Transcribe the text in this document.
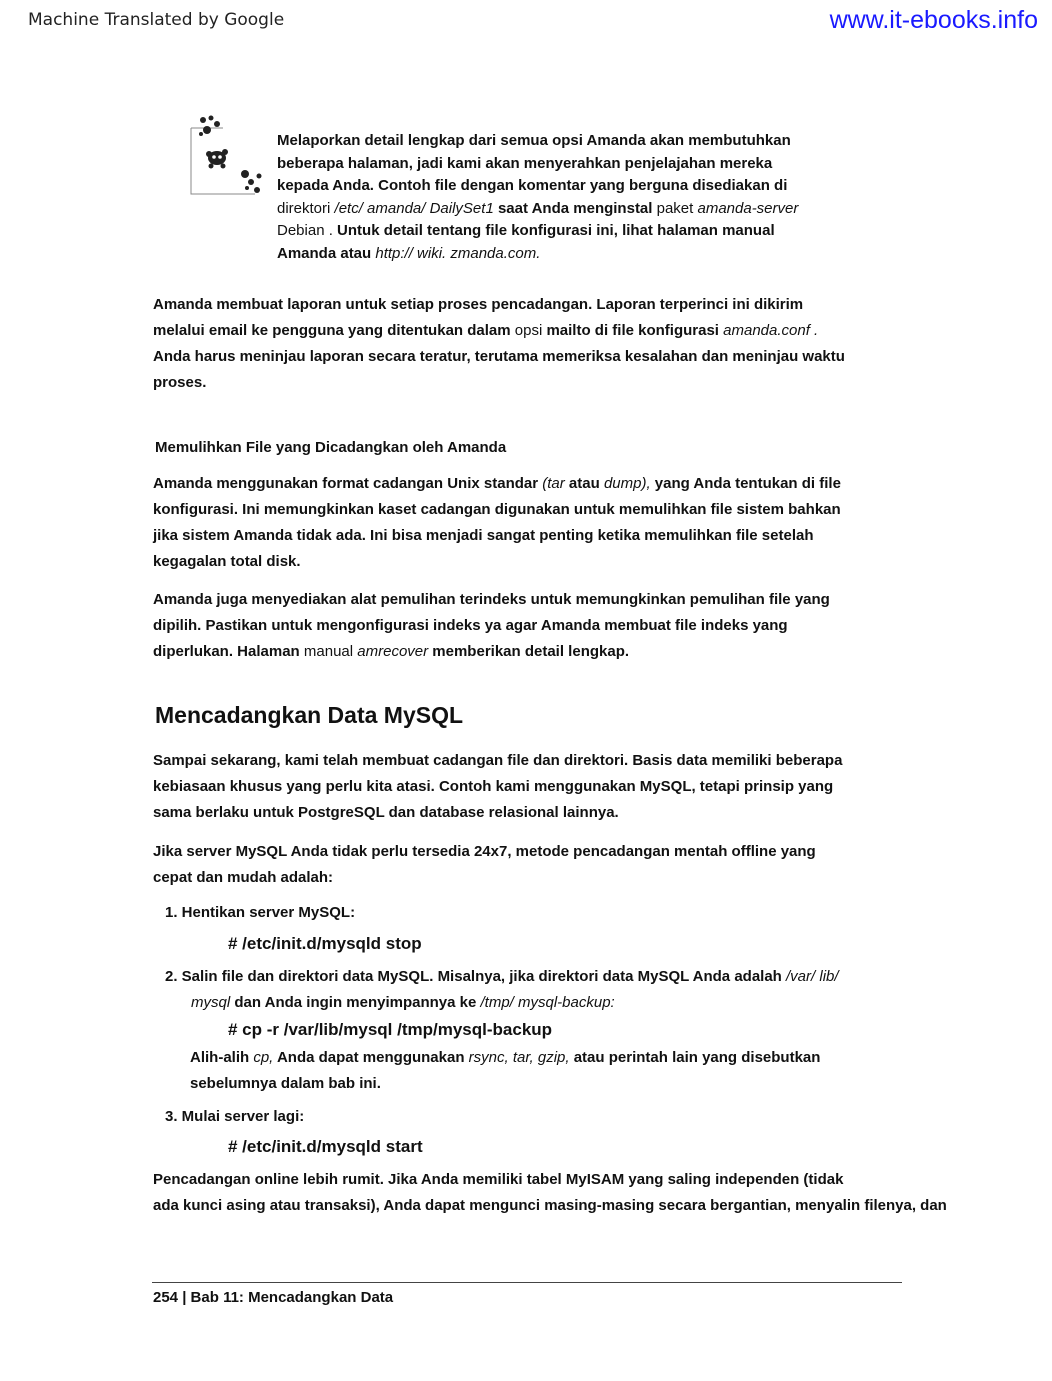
Machine Translated by Google	www.it-ebooks.info
Melaporkan detail lengkap dari semua opsi Amanda akan membutuhkan
beberapa halaman, jadi kami akan menyerahkan penjelajahan mereka
kepada Anda. Contoh file dengan komentar yang berguna disediakan di
direktori /etc/ amanda/ DailySet1 saat Anda menginstal paket amanda-server
Debian . Untuk detail tentang file konfigurasi ini, lihat halaman manual
Amanda atau http:// wiki. zmanda.com.
Amanda membuat laporan untuk setiap proses pencadangan. Laporan terperinci ini dikirim
melalui email ke pengguna yang ditentukan dalam opsi mailto di file konfigurasi amanda.conf .
Anda harus meninjau laporan secara teratur, terutama memeriksa kesalahan dan meninjau waktu
proses.
Memulihkan File yang Dicadangkan oleh Amanda
Amanda menggunakan format cadangan Unix standar (tar atau dump), yang Anda tentukan di file
konfigurasi. Ini memungkinkan kaset cadangan digunakan untuk memulihkan file sistem bahkan
jika sistem Amanda tidak ada. Ini bisa menjadi sangat penting ketika memulihkan file setelah
kegagalan total disk.
Amanda juga menyediakan alat pemulihan terindeks untuk memungkinkan pemulihan file yang
dipilih. Pastikan untuk mengonfigurasi indeks ya agar Amanda membuat file indeks yang
diperlukan. Halaman manual amrecover memberikan detail lengkap.
Mencadangkan Data MySQL
Sampai sekarang, kami telah membuat cadangan file dan direktori. Basis data memiliki beberapa
kebiasaan khusus yang perlu kita atasi. Contoh kami menggunakan MySQL, tetapi prinsip yang
sama berlaku untuk PostgreSQL dan database relasional lainnya.
Jika server MySQL Anda tidak perlu tersedia 24x7, metode pencadangan mentah offline yang
cepat dan mudah adalah:
1. Hentikan server MySQL:
# /etc/init.d/mysqld stop
2. Salin file dan direktori data MySQL. Misalnya, jika direktori data MySQL Anda adalah /var/ lib/
mysql dan Anda ingin menyimpannya ke /tmp/ mysql-backup:
# cp -r /var/lib/mysql /tmp/mysql-backup
Alih-alih cp, Anda dapat menggunakan rsync, tar, gzip, atau perintah lain yang disebutkan
sebelumnya dalam bab ini.
3. Mulai server lagi:
# /etc/init.d/mysqld start
Pencadangan online lebih rumit. Jika Anda memiliki tabel MyISAM yang saling independen (tidak
ada kunci asing atau transaksi), Anda dapat mengunci masing-masing secara bergantian, menyalin filenya, dan
254 | Bab 11: Mencadangkan Data
